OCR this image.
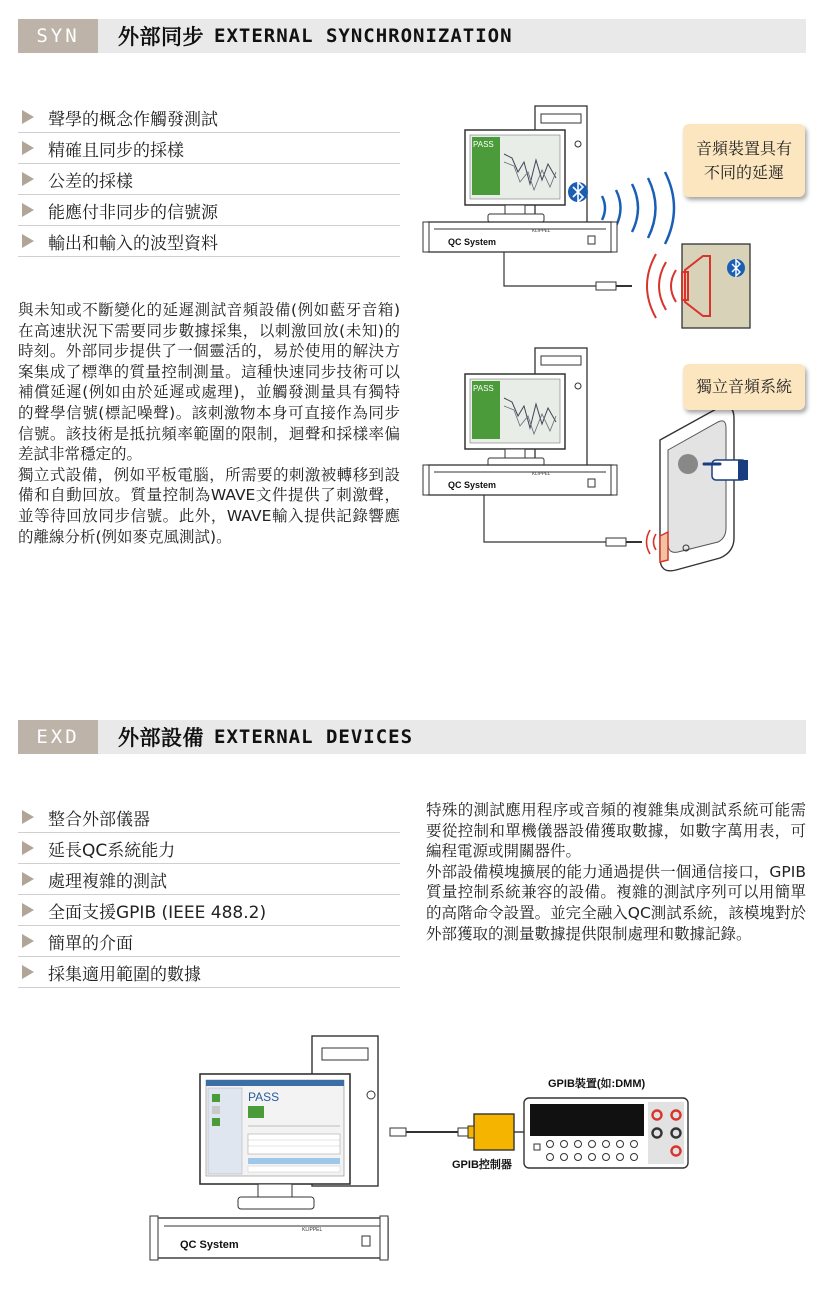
SYN	外部同步 EXTERNAL SYNCHRONIZATION
聲學的概念作觸發測試
精確且同步的採樣
公差的採樣
能應付非同步的信號源
輸出和輸入的波型資料

與未知或不斷變化的延遲測試音頻設備(例如藍牙音箱)在高速狀況下需要同步數據採集，以刺激回放(未知)的時刻。外部同步提供了一個靈活的，易於使用的解決方案集成了標準的質量控制測量。這種快速同步技術可以補償延遲(例如由於延遲或處理)，並觸發測量具有獨特的聲學信號(標記噪聲)。該刺激物本身可直接作為同步信號。該技術是抵抗頻率範圍的限制，迴聲和採樣率偏差試非常穩定的。

獨立式設備，例如平板電腦，所需要的刺激被轉移到設備和自動回放。質量控制為WAVE文件提供了刺激聲，並等待回放同步信號。此外，WAVE輸入提供記錄響應的離線分析(例如麥克風測試)。

PASS
QC System
KLIPPEL
PASS
QC System
KLIPPEL
音頻裝置具有
不同的延遲
獨立音頻系統
EXD	外部設備 EXTERNAL DEVICES
整合外部儀器
延長QC系統能力
處理複雜的測試
全面支援GPIB (IEEE 488.2)
簡單的介面
採集適用範圍的數據

特殊的測試應用程序或音頻的複雜集成測試系統可能需要從控制和單機儀器設備獲取數據，如數字萬用表，可編程電源或開關器件。

外部設備模塊擴展的能力通過提供一個通信接口，GPIB質量控制系統兼容的設備。複雜的測試序列可以用簡單的高階命令設置。並完全融入QC測試系統，該模塊對於外部獲取的測量數據提供限制處理和數據記錄。

PASS
QC System
KLIPPEL
GPIB控制器
GPIB裝置(如:DMM)
